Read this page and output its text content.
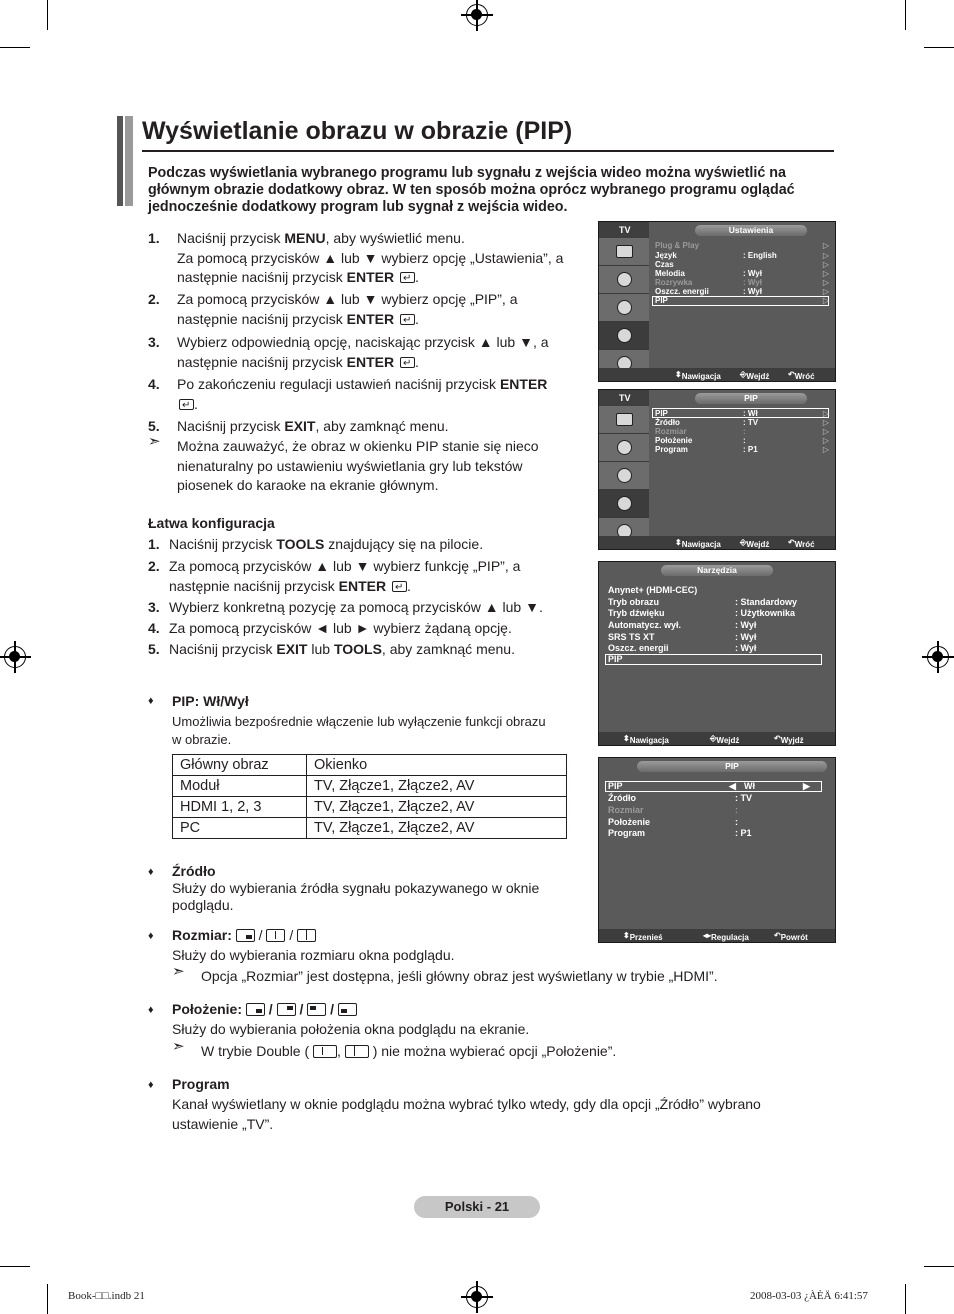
Wyświetlanie obrazu w obrazie (PIP)
Podczas wyświetlania wybranego programu lub sygnału z wejścia wideo można wyświetlić na głównym obrazie dodatkowy obraz. W ten sposób można oprócz wybranego programu oglądać jednocześnie dodatkowy program lub sygnał z wejścia wideo.
1. Naciśnij przycisk MENU, aby wyświetlić menu.
Za pomocą przycisków ▲ lub ▼ wybierz opcję „Ustawienia”, a
następnie naciśnij przycisk ENTER ↵ .
2. Za pomocą przycisków ▲ lub ▼ wybierz opcję „PIP”, a
następnie naciśnij przycisk ENTER ↵ .
3. Wybierz odpowiednią opcję, naciskając przycisk ▲ lub ▼, a
następnie naciśnij przycisk ENTER ↵ .
4. Po zakończeniu regulacji ustawień naciśnij przycisk ENTER
↵.
5. Naciśnij przycisk EXIT, aby zamknąć menu.
➣ Można zauważyć, że obraz w okienku PIP stanie się nieco
nienaturalny po ustawieniu wyświetlania gry lub tekstów
piosenek do karaoke na ekranie głównym.
Łatwa konfiguracja
1. Naciśnij przycisk TOOLS znajdujący się na pilocie.
2. Za pomocą przycisków ▲ lub ▼ wybierz funkcję „PIP”, a
następnie naciśnij przycisk ENTER ↵ .
3. Wybierz konkretną pozycję za pomocą przycisków ▲ lub ▼.
4. Za pomocą przycisków ◄ lub ► wybierz żądaną opcję.
5. Naciśnij przycisk EXIT lub TOOLS, aby zamknąć menu.
♦ PIP: Wł/Wył
Umożliwia bezpośrednie włączenie lub wyłączenie funkcji obrazu
w obrazie.
Główny obraz	Okienko
Moduł	TV, Złącze1, Złącze2, AV
HDMI 1, 2, 3	TV, Złącze1, Złącze2, AV
PC	TV, Złącze1, Złącze2, AV
♦ Źródło
Służy do wybierania źródła sygnału pokazywanego w oknie
podglądu.
♦ Rozmiar:  /  /
Służy do wybierania rozmiaru okna podglądu.
➣ Opcja „Rozmiar” jest dostępna, jeśli główny obraz jest wyświetlany w trybie „HDMI”.
♦ Położenie:  /  /  /
Służy do wybierania położenia okna podglądu na ekranie.
➣ W trybie Double ( , ) nie można wybierać opcji „Położenie”.
♦ Program
Kanał wyświetlany w oknie podglądu można wybrać tylko wtedy, gdy dla opcji „Źródło” wybrano
ustawienie „TV”.
TV	Ustawienia
Plug & Play	▷
Język	: English	▷
Czas	▷
Melodia	: Wył	▷
Rozrywka	: Wył	▷
Oszcz. energii	: Wył	▷
PIP	▷
⬍ Nawigacja ⎆ Wejdź ↶ Wróć
TV	PIP
PIP	: Wł	▷
Źródło	: TV	▷
Rozmiar	:	▷
Położenie	:	▷
Program	: P1	▷
⬍ Nawigacja ⎆ Wejdź ↶ Wróć
Narzędzia
Anynet+ (HDMI-CEC)
Tryb obrazu	: Standardowy
Tryb dźwięku	: Użytkownika
Automatycz. wył.	: Wył
SRS TS XT	: Wył
Oszcz. energii	: Wył
PIP
⬍ Nawigacja	⎆ Wejdź	↶ Wyjdź
PIP
PIP	◀ Wł	▶
Źródło	: TV
Rozmiar	:
Położenie	:
Program	: P1
⬍ Przenieś	◂▸ Regulacja	↶ Powrót
Polski - 21
Book-□□.indb 21	2008-03-03 ¿ÀÈÄ 6:41:57
